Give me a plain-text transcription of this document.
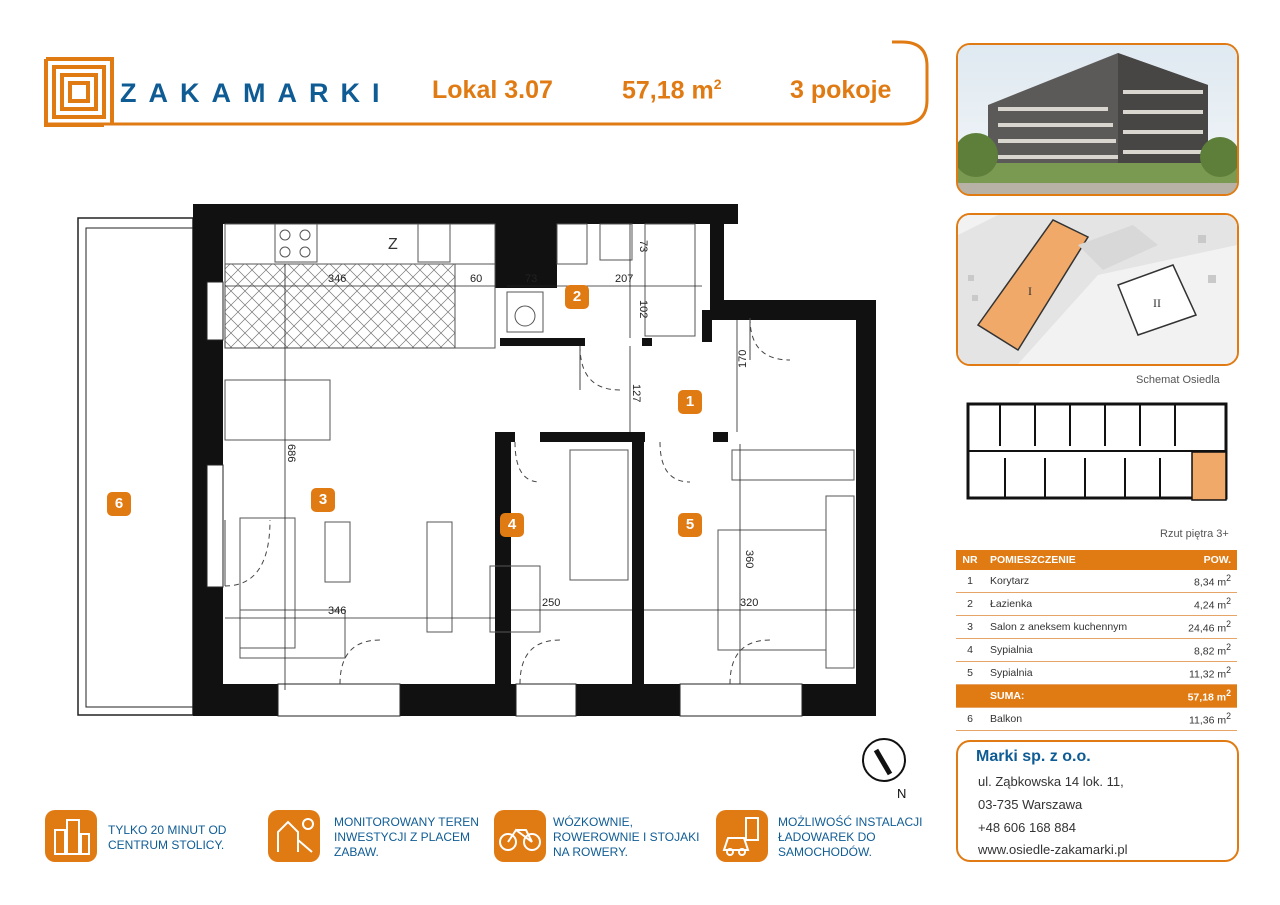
ZAKAMARKI Lokal 3.07	57,18 $m^2$	3 pokoje
I
II
Schemat Osiedla
Rzut piętra 3+
NR	POMIESZCZENIE	POW.
1	Korytarz	8,34 $m^2$
2	Łazienka	4,24 $m^2$
3	Salon z aneksem kuchennym	24,46 $m^2$
4	Sypialnia	8,82 $m^2$
5	Sypialnia	11,32 $m^2$
	SUMA:	57,18 $m^2$
6	Balkon	11,36 $m^2$
Marki sp. z o.o.
ul. Ząbkowska 14 lok. 11,
03-735 Warszawa
+48 606 168 884
www.osiedle-zakamarki.pl
Z
346	60	73	207
346
250	320
73
102
127
170
686
360
2
1
3
4	5
6
N
TYLKO 20 MINUT OD
CENTRUM STOLICY.
MONITOROWANY TEREN
INWESTYCJI Z PLACEM
ZABAW.
WÓZKOWNIE,
ROWEROWNIE I STOJAKI
NA ROWERY.
MOŻLIWOŚĆ INSTALACJI
ŁADOWAREK DO
SAMOCHODÓW.
